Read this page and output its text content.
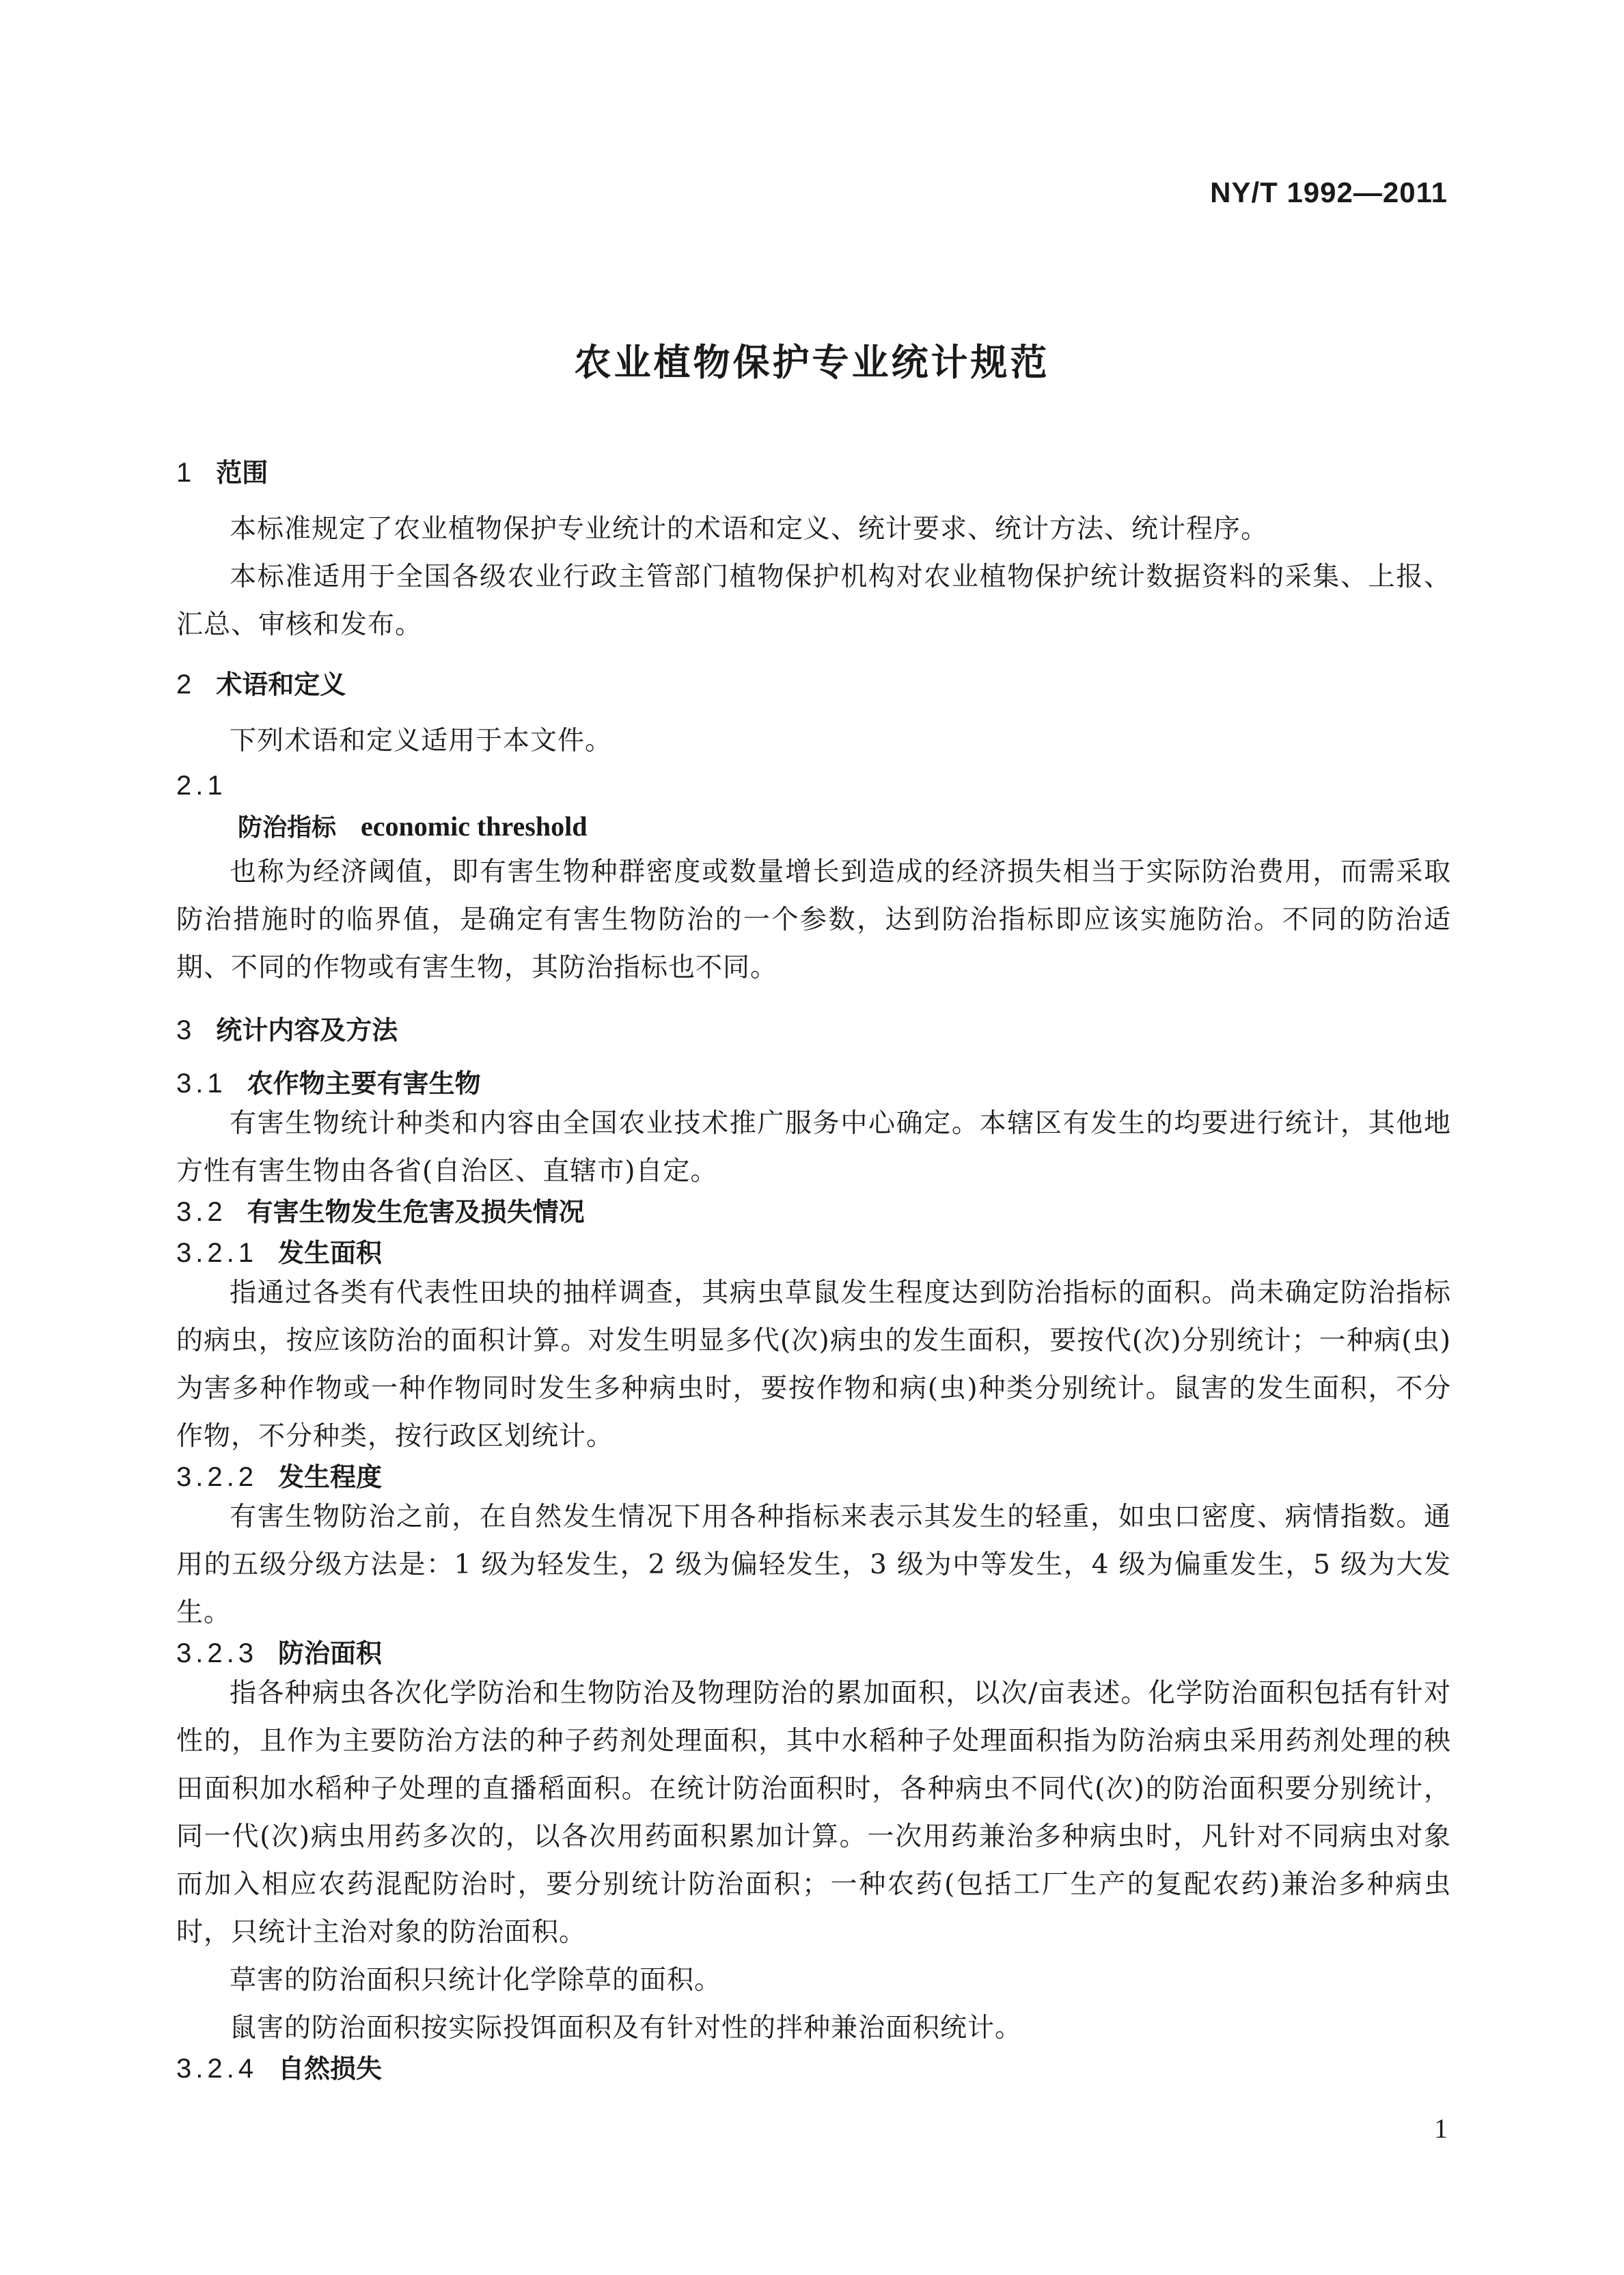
NY/T 1992—2011
农业植物保护专业统计规范
1 范围
本标准规定了农业植物保护专业统计的术语和定义、统计要求、统计方法、统计程序。
本标准适用于全国各级农业行政主管部门植物保护机构对农业植物保护统计数据资料的采集、上报、汇总、审核和发布。
2 术语和定义
下列术语和定义适用于本文件。
2.1
防治指标 economic threshold
也称为经济阈值，即有害生物种群密度或数量增长到造成的经济损失相当于实际防治费用，而需采取防治措施时的临界值，是确定有害生物防治的一个参数，达到防治指标即应该实施防治。不同的防治适期、不同的作物或有害生物，其防治指标也不同。
3 统计内容及方法
3.1 农作物主要有害生物
有害生物统计种类和内容由全国农业技术推广服务中心确定。本辖区有发生的均要进行统计，其他地方性有害生物由各省(自治区、直辖市)自定。
3.2 有害生物发生危害及损失情况
3.2.1 发生面积
指通过各类有代表性田块的抽样调查，其病虫草鼠发生程度达到防治指标的面积。尚未确定防治指标的病虫，按应该防治的面积计算。对发生明显多代(次)病虫的发生面积，要按代(次)分别统计；一种病(虫)为害多种作物或一种作物同时发生多种病虫时，要按作物和病(虫)种类分别统计。鼠害的发生面积，不分作物，不分种类，按行政区划统计。
3.2.2 发生程度
有害生物防治之前，在自然发生情况下用各种指标来表示其发生的轻重，如虫口密度、病情指数。通用的五级分级方法是：1 级为轻发生，2 级为偏轻发生，3 级为中等发生，4 级为偏重发生，5 级为大发生。
3.2.3 防治面积
指各种病虫各次化学防治和生物防治及物理防治的累加面积，以次/亩表述。化学防治面积包括有针对性的，且作为主要防治方法的种子药剂处理面积，其中水稻种子处理面积指为防治病虫采用药剂处理的秧田面积加水稻种子处理的直播稻面积。在统计防治面积时，各种病虫不同代(次)的防治面积要分别统计，同一代(次)病虫用药多次的，以各次用药面积累加计算。一次用药兼治多种病虫时，凡针对不同病虫对象而加入相应农药混配防治时，要分别统计防治面积；一种农药(包括工厂生产的复配农药)兼治多种病虫时，只统计主治对象的防治面积。
草害的防治面积只统计化学除草的面积。
鼠害的防治面积按实际投饵面积及有针对性的拌种兼治面积统计。
3.2.4 自然损失
1
